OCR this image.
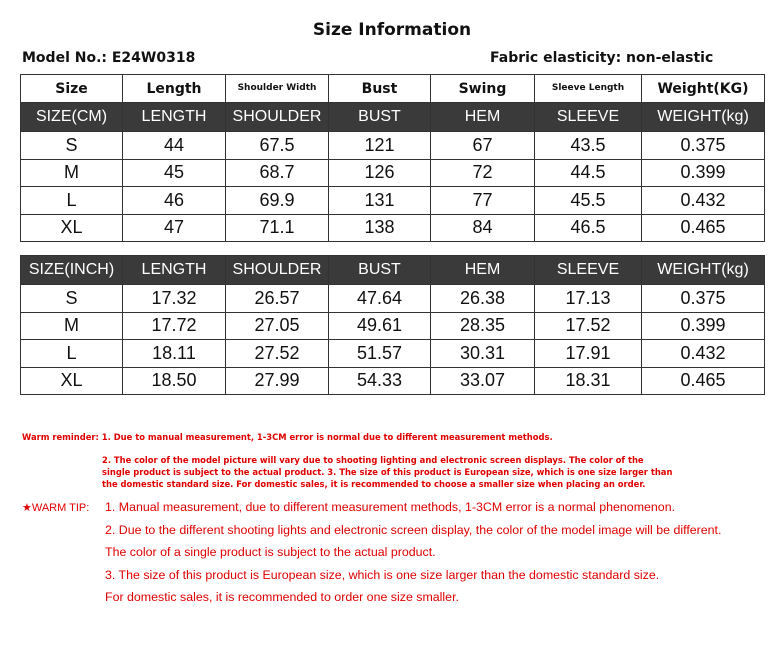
Size Information
Model No.: E24W0318	Fabric elasticity: non-elastic
Size	Length	Shoulder Width	Bust	Swing	Sleeve Length	Weight(KG)
SIZE(CM)	LENGTH	SHOULDER	BUST	HEM	SLEEVE	WEIGHT(kg)
S	44	67.5	121	67	43.5	0.375
M	45	68.7	126	72	44.5	0.399
L	46	69.9	131	77	45.5	0.432
XL	47	71.1	138	84	46.5	0.465
SIZE(INCH)	LENGTH	SHOULDER	BUST	HEM	SLEEVE	WEIGHT(kg)
S	17.32	26.57	47.64	26.38	17.13	0.375
M	17.72	27.05	49.61	28.35	17.52	0.399
L	18.11	27.52	51.57	30.31	17.91	0.432
XL	18.50	27.99	54.33	33.07	18.31	0.465
Warm reminder: 1. Due to manual measurement, 1-3CM error is normal due to different measurement methods.
2. The color of the model picture will vary due to shooting lighting and electronic screen displays. The color of the
single product is subject to the actual product. 3. The size of this product is European size, which is one size larger than
the domestic standard size. For domestic sales, it is recommended to choose a smaller size when placing an order.
★WARM TIP: 1. Manual measurement, due to different measurement methods, 1-3CM error is a normal phenomenon.
2. Due to the different shooting lights and electronic screen display, the color of the model image will be different.
The color of a single product is subject to the actual product.
3. The size of this product is European size, which is one size larger than the domestic standard size.
For domestic sales, it is recommended to order one size smaller.
